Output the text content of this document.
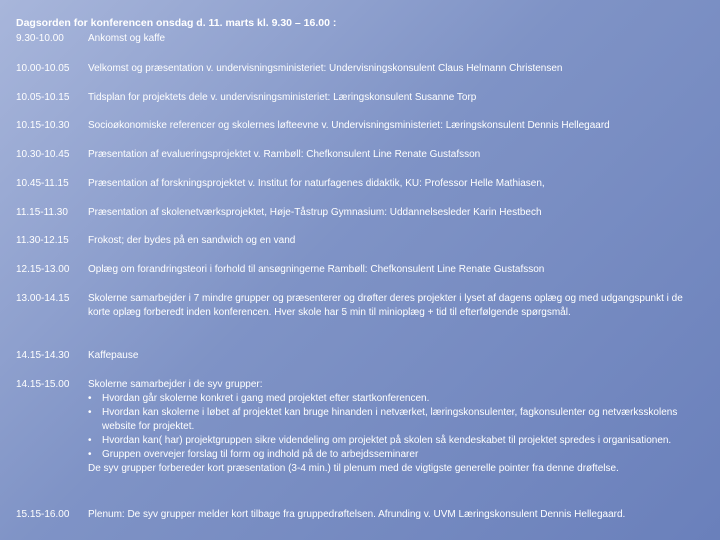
Dagsorden for konferencen onsdag d. 11. marts kl. 9.30 – 16.00 :
9.30-10.00	Ankomst og kaffe
10.00-10.05	Velkomst og præsentation v. undervisningsministeriet: Undervisningskonsulent Claus Helmann Christensen
10.05-10.15	Tidsplan for projektets dele v. undervisningsministeriet: Læringskonsulent Susanne Torp
10.15-10.30	Socioøkonomiske referencer og skolernes løfteevne v. Undervisningsministeriet: Læringskonsulent Dennis Hellegaard
10.30-10.45	Præsentation af evalueringsprojektet v. Rambøll: Chefkonsulent Line Renate Gustafsson
10.45-11.15	Præsentation af forskningsprojektet v. Institut for naturfagenes didaktik, KU: Professor Helle Mathiasen,
11.15-11.30	Præsentation af skolenetværksprojektet, Høje-Tåstrup Gymnasium: Uddannelsesleder Karin Hestbech
11.30-12.15	Frokost; der bydes på en sandwich og en vand
12.15-13.00	Oplæg om forandringsteori i forhold til ansøgningerne Rambøll: Chefkonsulent Line Renate Gustafsson
13.00-14.15	Skolerne samarbejder i 7 mindre grupper og præsenterer og drøfter deres projekter i lyset af dagens oplæg og med udgangspunkt i de korte oplæg forberedt inden konferencen. Hver skole har 5 min til minioplæg + tid til efterfølgende spørgsmål.
14.15-14.30	Kaffepause
14.15-15.00	Skolerne samarbejder i de syv grupper:
• Hvordan går skolerne konkret i gang med projektet efter startkonferencen.
• Hvordan kan skolerne i løbet af projektet kan bruge hinanden i netværket, læringskonsulenter, fagkonsulenter og netværksskolens website for projektet.
• Hvordan kan( har) projektgruppen sikre videndeling om projektet på skolen så kendeskabet til projektet spredes i organisationen.
• Gruppen overvejer forslag til form og indhold på de to arbejdsseminarer
De syv grupper forbereder kort præsentation (3-4 min.) til plenum med de vigtigste generelle pointer fra denne drøftelse.
15.15-16.00	Plenum: De syv grupper melder kort tilbage fra gruppedrøftelsen. Afrunding v. UVM Læringskonsulent Dennis Hellegaard.
